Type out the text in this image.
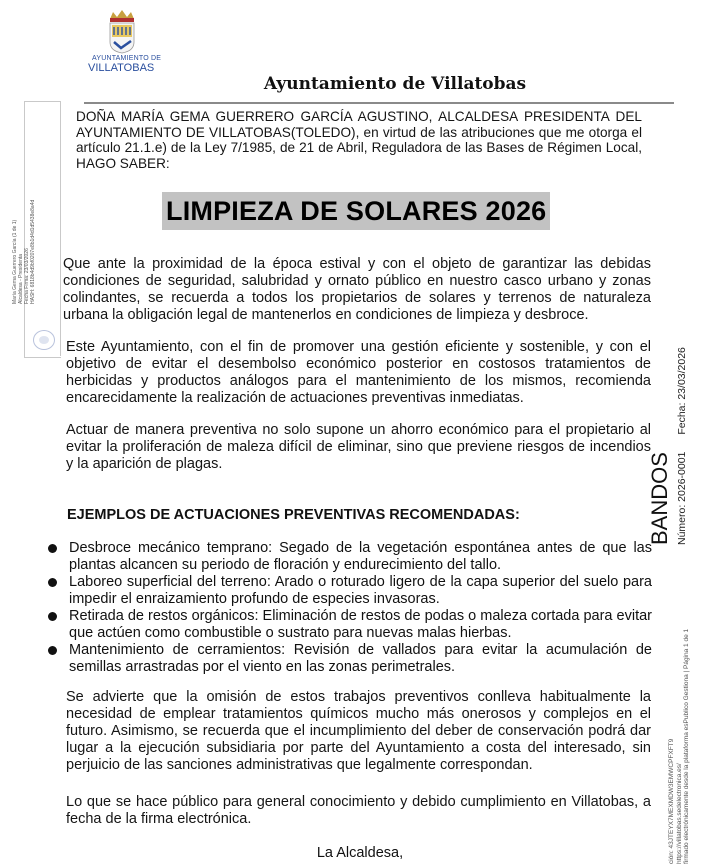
AYUNTAMIENTO DE
VILLATOBAS
Ayuntamiento de Villatobas
María Gema Guerrero García (1 de 1) Alcaldesa - Presidenta Fecha Firma: 23/03/2026 HASH: 6818b4d9bf0207e8b1d4d1d5438e8a4d
DOÑA MARÍA GEMA GUERRERO GARCÍA AGUSTINO, ALCALDESA PRESIDENTA DEL AYUNTAMIENTO DE VILLATOBAS(TOLEDO), en virtud de las atribuciones que me otorga el artículo 21.1.e) de la Ley 7/1985, de 21 de Abril, Reguladora de las Bases de Régimen Local, HAGO SABER:
LIMPIEZA DE SOLARES 2026
Que ante la proximidad de la época estival y con el objeto de garantizar las debidas condiciones de seguridad, salubridad y ornato público en nuestro casco urbano y zonas colindantes, se recuerda a todos los propietarios de solares y terrenos de naturaleza urbana la obligación legal de mantenerlos en condiciones de limpieza y desbroce.
Este Ayuntamiento, con el fin de promover una gestión eficiente y sostenible, y con el objetivo de evitar el desembolso económico posterior en costosos tratamientos de herbicidas y productos análogos para el mantenimiento de los mismos, recomienda encarecidamente la realización de actuaciones preventivas inmediatas.
Actuar de manera preventiva no solo supone un ahorro económico para el propietario al evitar la proliferación de maleza difícil de eliminar, sino que previene riesgos de incendios y la aparición de plagas.
EJEMPLOS DE ACTUACIONES PREVENTIVAS RECOMENDADAS:
Desbroce mecánico temprano: Segado de la vegetación espontánea antes de que las plantas alcancen su periodo de floración y endurecimiento del tallo.
Laboreo superficial del terreno: Arado o roturado ligero de la capa superior del suelo para impedir el enraizamiento profundo de especies invasoras.
Retirada de restos orgánicos: Eliminación de restos de podas o maleza cortada para evitar que actúen como combustible o sustrato para nuevas malas hierbas.
Mantenimiento de cerramientos: Revisión de vallados para evitar la acumulación de semillas arrastradas por el viento en las zonas perimetrales.
Se advierte que la omisión de estos trabajos preventivos conlleva habitualmente la necesidad de emplear tratamientos químicos mucho más onerosos y complejos en el futuro. Asimismo, se recuerda que el incumplimiento del deber de conservación podrá dar lugar a la ejecución subsidiaria por parte del Ayuntamiento a costa del interesado, sin perjuicio de las sanciones administrativas que legalmente correspondan.
Lo que se hace público para general conocimiento y debido cumplimiento en Villatobas, a fecha de la firma electrónica.
La Alcaldesa,
BANDOS Número: 2026-0001 Fecha: 23/03/2026
ción: 43JTEYX7MEXMDW3EMWCPFXFT9 https://villatobas.sedelectronica.es/ firmado electrónicamente desde la plataforma esPublico Gestiona | Página 1 de 1
